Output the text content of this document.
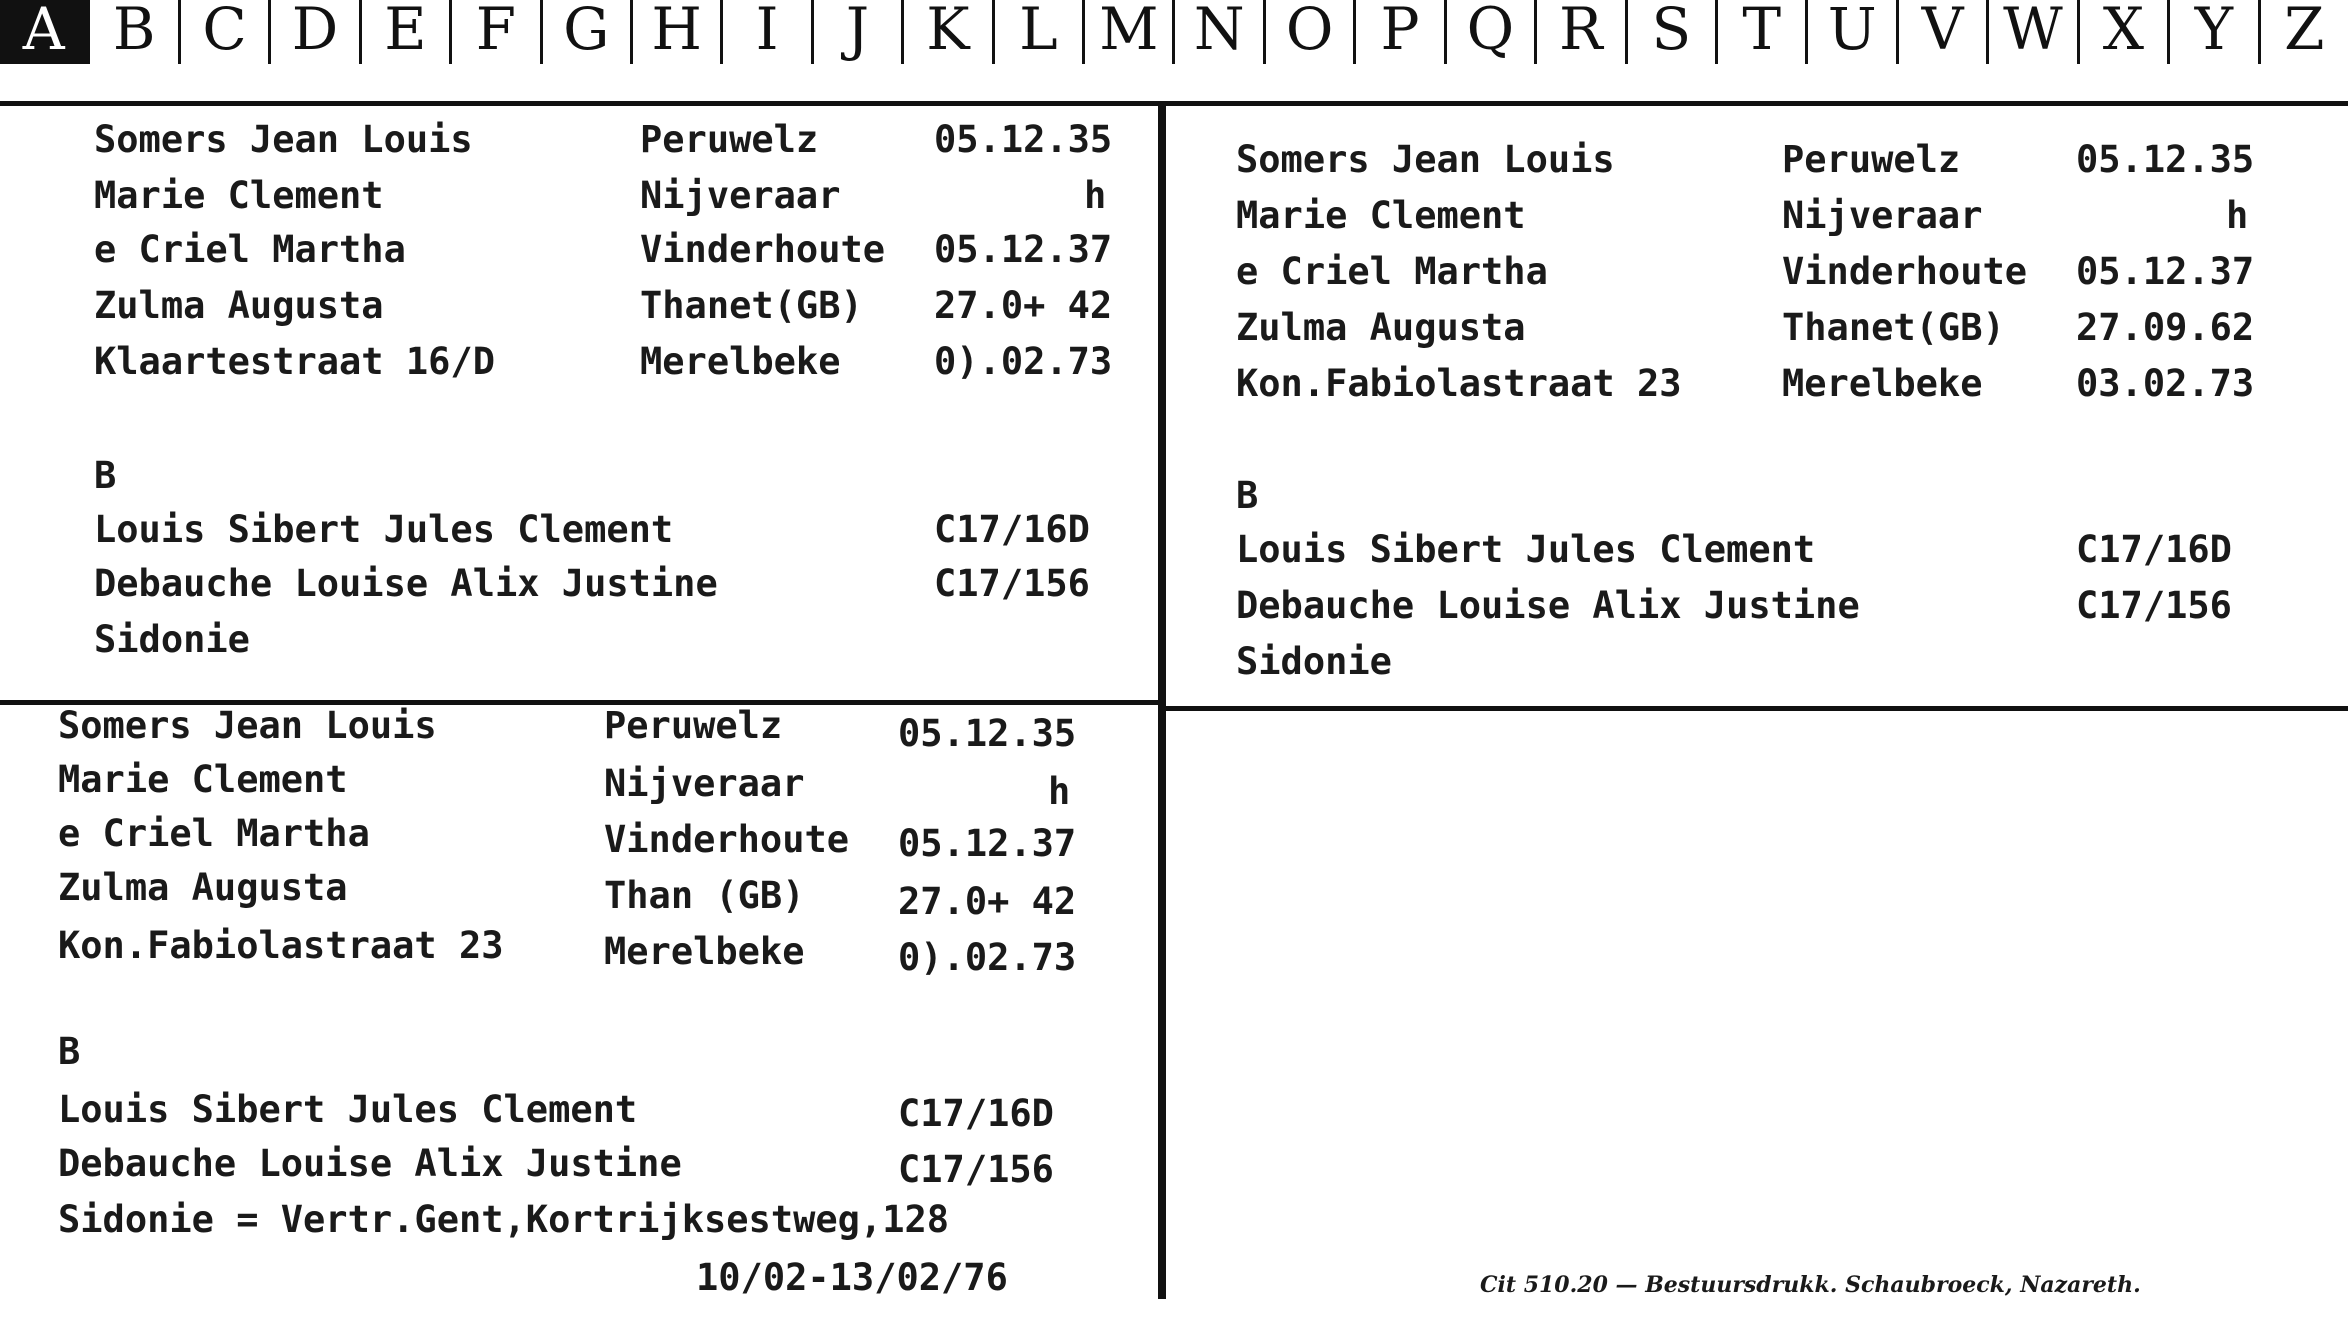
A B C D E F G H I	J K L M N O P Q R S T U V W X Y Z
Somers Jean Louis	Peruwelz	05.12.35
Marie Clement	Nijveraar	h
e Criel Martha	Vinderhoute 05.12.37
Zulma Augusta	Thanet(GB) 27.0+ 42
Klaartestraat 16/D	Merelbeke	0).02.73
B
Louis Sibert Jules Clement	C17/16D
Debauche Louise Alix Justine	C17/156
Sidonie
Somers Jean Louis	Peruwelz	05.12.35
Marie Clement	Nijveraar	h
e Criel Martha	Vinderhoute 05.12.37
Zulma Augusta	Thanet(GB) 27.09.62
Kon.Fabiolastraat 23	Merelbeke	03.02.73
B
Louis Sibert Jules Clement	C17/16D
Debauche Louise Alix Justine	C17/156
Sidonie
Somers Jean Louis	Peruwelz	05.12.35
Marie Clement	Nijveraar	h
e Criel Martha	Vinderhoute 05.12.37
Zulma Augusta	Than (GB)	27.0+ 42
Kon.Fabiolastraat 23	Merelbeke	0).02.73
B
Louis Sibert Jules Clement	C17/16D
Debauche Louise Alix Justine	C17/156
Sidonie = Vertr.Gent,Kortrijksestweg,128
10/02-13/02/76	Cit 510.20 — Bestuursdrukk. Schaubroeck, Nazareth.
